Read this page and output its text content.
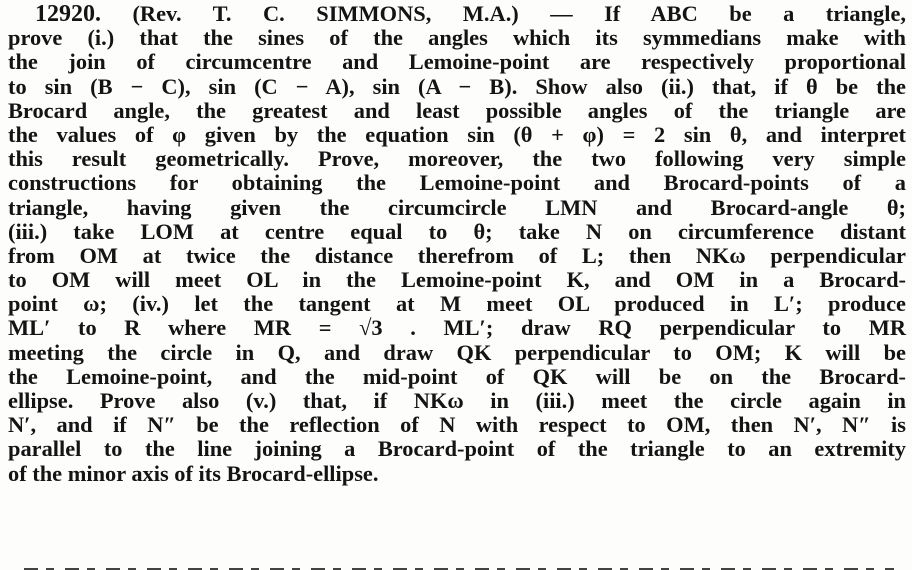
12920. (Rev. T. C. SIMMONS, M.A.) — If ABC be a triangle,
prove (i.) that the sines of the angles which its symmedians make with
the join of circumcentre and Lemoine-point are respectively proportional
to sin (B − C), sin (C − A), sin (A − B). Show also (ii.) that, if θ be the
Brocard angle, the greatest and least possible angles of the triangle are
the values of φ given by the equation sin (θ + φ) = 2 sin θ, and interpret
this result geometrically. Prove, moreover, the two following very simple
constructions for obtaining the Lemoine-point and Brocard-points of a
triangle, having given the circumcircle LMN and Brocard-angle θ;
(iii.) take LOM at centre equal to θ; take N on circumference distant
from OM at twice the distance therefrom of L; then NKω perpendicular
to OM will meet OL in the Lemoine-point K, and OM in a Brocard-
point ω; (iv.) let the tangent at M meet OL produced in L′; produce
ML′ to R where MR = √3 . ML′; draw RQ perpendicular to MR
meeting the circle in Q, and draw QK perpendicular to OM; K will be
the Lemoine-point, and the mid-point of QK will be on the Brocard-
ellipse. Prove also (v.) that, if NKω in (iii.) meet the circle again in
N′, and if N″ be the reflection of N with respect to OM, then N′, N″ is
parallel to the line joining a Brocard-point of the triangle to an extremity
of the minor axis of its Brocard-ellipse.
